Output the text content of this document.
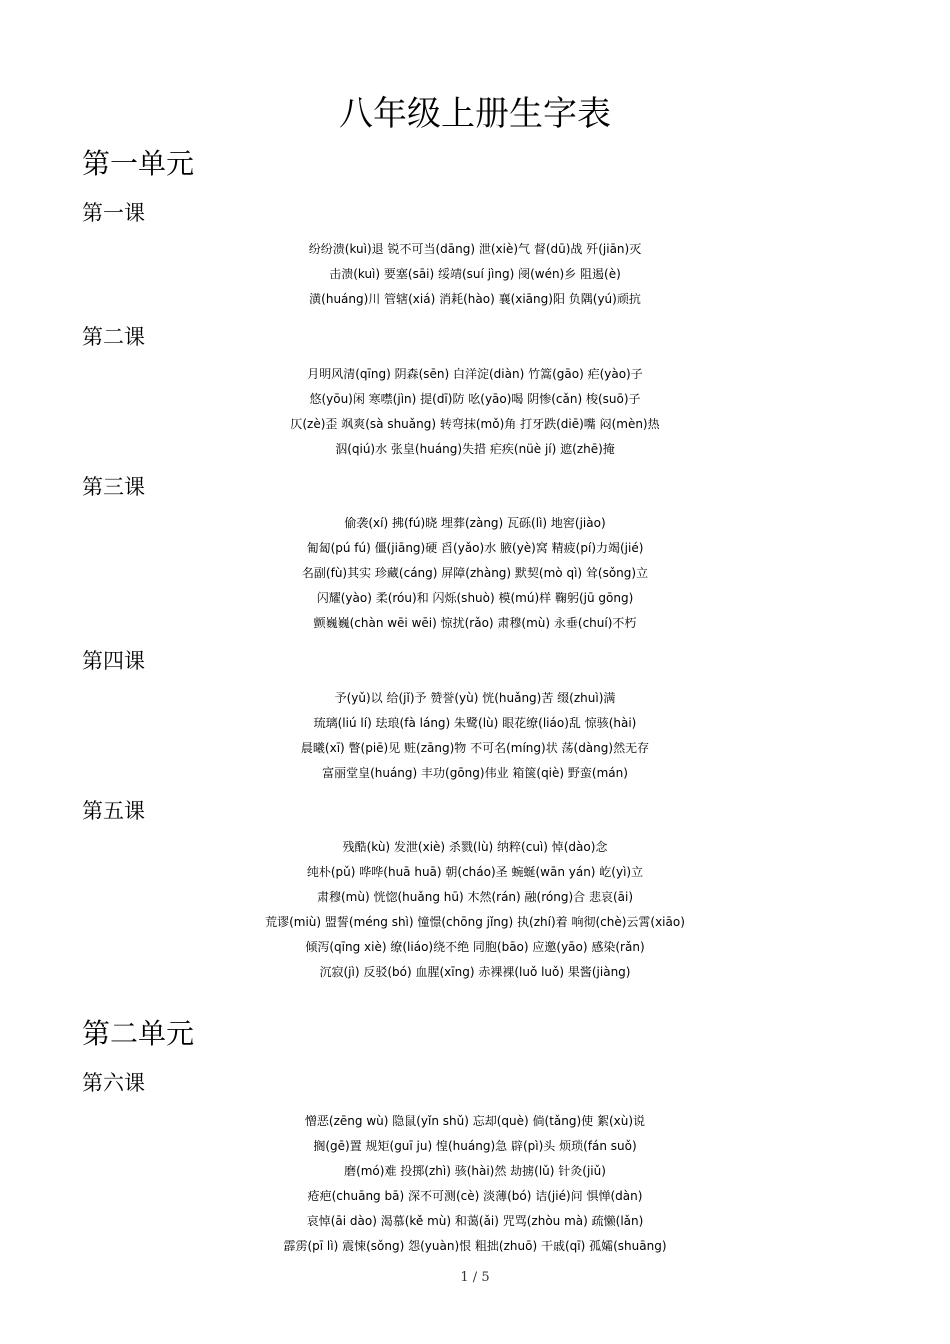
八年级上册生字表
第一单元
第一课
纷纷溃(kuì)退 锐不可当(dāng) 泄(xiè)气 督(dū)战 歼(jiān)灭
击溃(kuì) 要塞(sāi) 绥靖(suí jìng) 阌(wén)乡 阻遏(è)
潢(huáng)川 管辖(xiá) 消耗(hào) 襄(xiāng)阳 负隅(yú)顽抗
第二课
月明风清(qīng) 阴森(sēn) 白洋淀(diàn) 竹篙(gāo) 疟(yào)子
悠(yōu)闲 寒噤(jìn) 提(dī)防 吆(yāo)喝 阴惨(cǎn) 梭(suō)子
仄(zè)歪 飒爽(sà shuǎng) 转弯抹(mǒ)角 打牙跌(diē)嘴 闷(mèn)热
泅(qiú)水 张皇(huáng)失措 疟疾(nüè jí) 遮(zhē)掩
第三课
偷袭(xí) 拂(fú)晓 埋葬(zàng) 瓦砾(lì) 地窖(jiào)
匍匐(pú fú) 僵(jiāng)硬 舀(yǎo)水 腋(yè)窝 精疲(pí)力竭(jié)
名副(fù)其实 珍藏(cáng) 屏障(zhàng) 默契(mò qì) 耸(sǒng)立
闪耀(yào) 柔(róu)和 闪烁(shuò) 模(mú)样 鞠躬(jū gōng)
颤巍巍(chàn wēi wēi) 惊扰(rǎo) 肃穆(mù) 永垂(chuí)不朽
第四课
予(yǔ)以 给(jǐ)予 赞誉(yù) 恍(huǎng)苦 缀(zhuì)满
琉璃(liú lí) 珐琅(fà láng) 朱鹭(lù) 眼花缭(liáo)乱 惊骇(hài)
晨曦(xī) 瞥(piē)见 赃(zāng)物 不可名(míng)状 荡(dàng)然无存
富丽堂皇(huáng) 丰功(gōng)伟业 箱箧(qiè) 野蛮(mán)
第五课
残酷(kù) 发泄(xiè) 杀戮(lù) 纳粹(cuì) 悼(dào)念
纯朴(pǔ) 哗哗(huā huā) 朝(cháo)圣 蜿蜒(wān yán) 屹(yì)立
肃穆(mù) 恍惚(huǎng hū) 木然(rán) 融(róng)合 悲哀(āi)
荒谬(miù) 盟誓(méng shì) 憧憬(chōng jǐng) 执(zhí)着 响彻(chè)云霄(xiāo)
倾泻(qīng xiè) 缭(liáo)绕不绝 同胞(bāo) 应邀(yāo) 感染(rǎn)
沉寂(jì) 反驳(bó) 血腥(xīng) 赤裸裸(luǒ luǒ) 果酱(jiàng)
第二单元
第六课
憎恶(zēng wù) 隐鼠(yǐn shǔ) 忘却(què) 倘(tǎng)使 絮(xù)说
搁(gē)置 规矩(guī ju) 惶(huáng)急 辟(pì)头 烦琐(fán suǒ)
磨(mó)难 投掷(zhì) 骇(hài)然 劫掳(lǔ) 针灸(jiǔ)
疮疤(chuāng bā) 深不可测(cè) 淡薄(bó) 诘(jié)问 惧惮(dàn)
哀悼(āi dào) 渴慕(kě mù) 和蔼(ǎi) 咒骂(zhòu mà) 疏懒(lǎn)
霹雳(pī lì) 震悚(sǒng) 怨(yuàn)恨 粗拙(zhuō) 干戚(qī) 孤孀(shuāng)
1 / 5
